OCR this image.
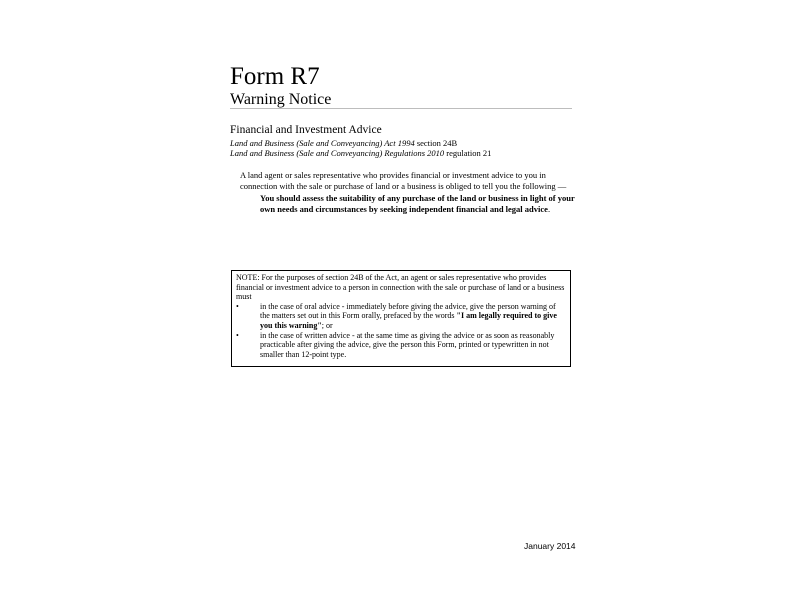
Form R7
Warning Notice
Financial and Investment Advice
Land and Business (Sale and Conveyancing) Act 1994 section 24B
Land and Business (Sale and Conveyancing) Regulations 2010 regulation 21

A land agent or sales representative who provides financial or investment advice to you in connection with the sale or purchase of land or a business is obliged to tell you the following —

You should assess the suitability of any purchase of the land or business in light of your own needs and circumstances by seeking independent financial and legal advice.

NOTE: For the purposes of section 24B of the Act, an agent or sales representative who provides financial or investment advice to a person in connection with the sale or purchase of land or a business must

•	in the case of oral advice - immediately before giving the advice, give the person warning of the matters set out in this Form orally, prefaced by the words "I am legally required to give you this warning"; or
•	in the case of written advice - at the same time as giving the advice or as soon as reasonably practicable after giving the advice, give the person this Form, printed or typewritten in not smaller than 12-point type.
January 2014
